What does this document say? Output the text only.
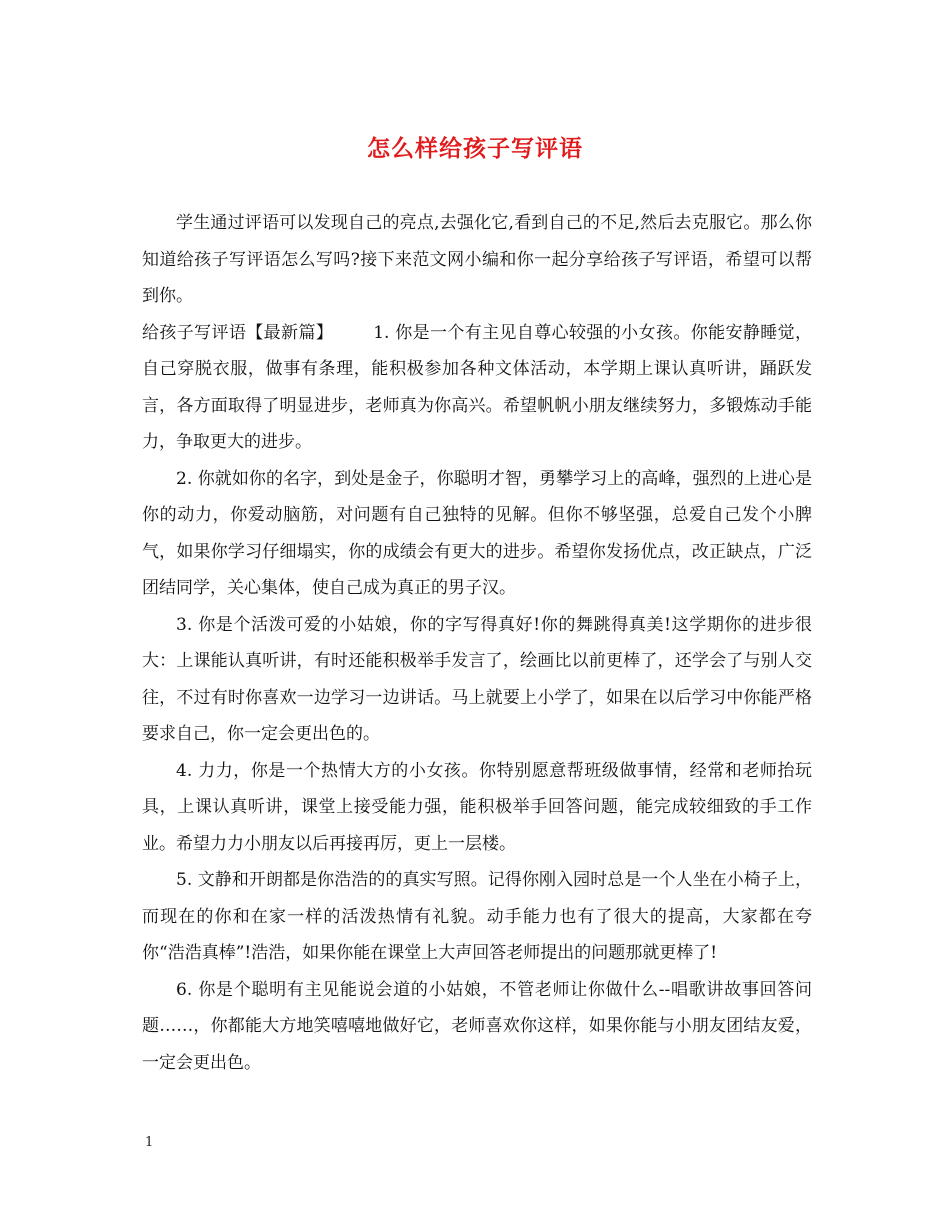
怎么样给孩子写评语

学生通过评语可以发现自己的亮点,去强化它,看到自己的不足,然后去克服它。那么你知道给孩子写评语怎么写吗?接下来范文网小编和你一起分享给孩子写评语，希望可以帮到你。

给孩子写评语【最新篇】 1. 你是一个有主见自尊心较强的小女孩。你能安静睡觉，自己穿脱衣服，做事有条理，能积极参加各种文体活动，本学期上课认真听讲，踊跃发言，各方面取得了明显进步，老师真为你高兴。希望帆帆小朋友继续努力，多锻炼动手能力，争取更大的进步。

2. 你就如你的名字，到处是金子，你聪明才智，勇攀学习上的高峰，强烈的上进心是你的动力，你爱动脑筋，对问题有自己独特的见解。但你不够坚强，总爱自己发个小脾气，如果你学习仔细塌实，你的成绩会有更大的进步。希望你发扬优点，改正缺点，广泛团结同学，关心集体，使自己成为真正的男子汉。

3. 你是个活泼可爱的小姑娘，你的字写得真好!你的舞跳得真美!这学期你的进步很大：上课能认真听讲，有时还能积极举手发言了，绘画比以前更棒了，还学会了与别人交往，不过有时你喜欢一边学习一边讲话。马上就要上小学了，如果在以后学习中你能严格要求自己，你一定会更出色的。

4. 力力，你是一个热情大方的小女孩。你特别愿意帮班级做事情，经常和老师抬玩具，上课认真听讲，课堂上接受能力强，能积极举手回答问题，能完成较细致的手工作业。希望力力小朋友以后再接再厉，更上一层楼。

5. 文静和开朗都是你浩浩的的真实写照。记得你刚入园时总是一个人坐在小椅子上，而现在的你和在家一样的活泼热情有礼貌。动手能力也有了很大的提高，大家都在夸你“浩浩真棒”!浩浩，如果你能在课堂上大声回答老师提出的问题那就更棒了!

6. 你是个聪明有主见能说会道的小姑娘，不管老师让你做什么--唱歌讲故事回答问题……，你都能大方地笑嘻嘻地做好它，老师喜欢你这样，如果你能与小朋友团结友爱，一定会更出色。

1
